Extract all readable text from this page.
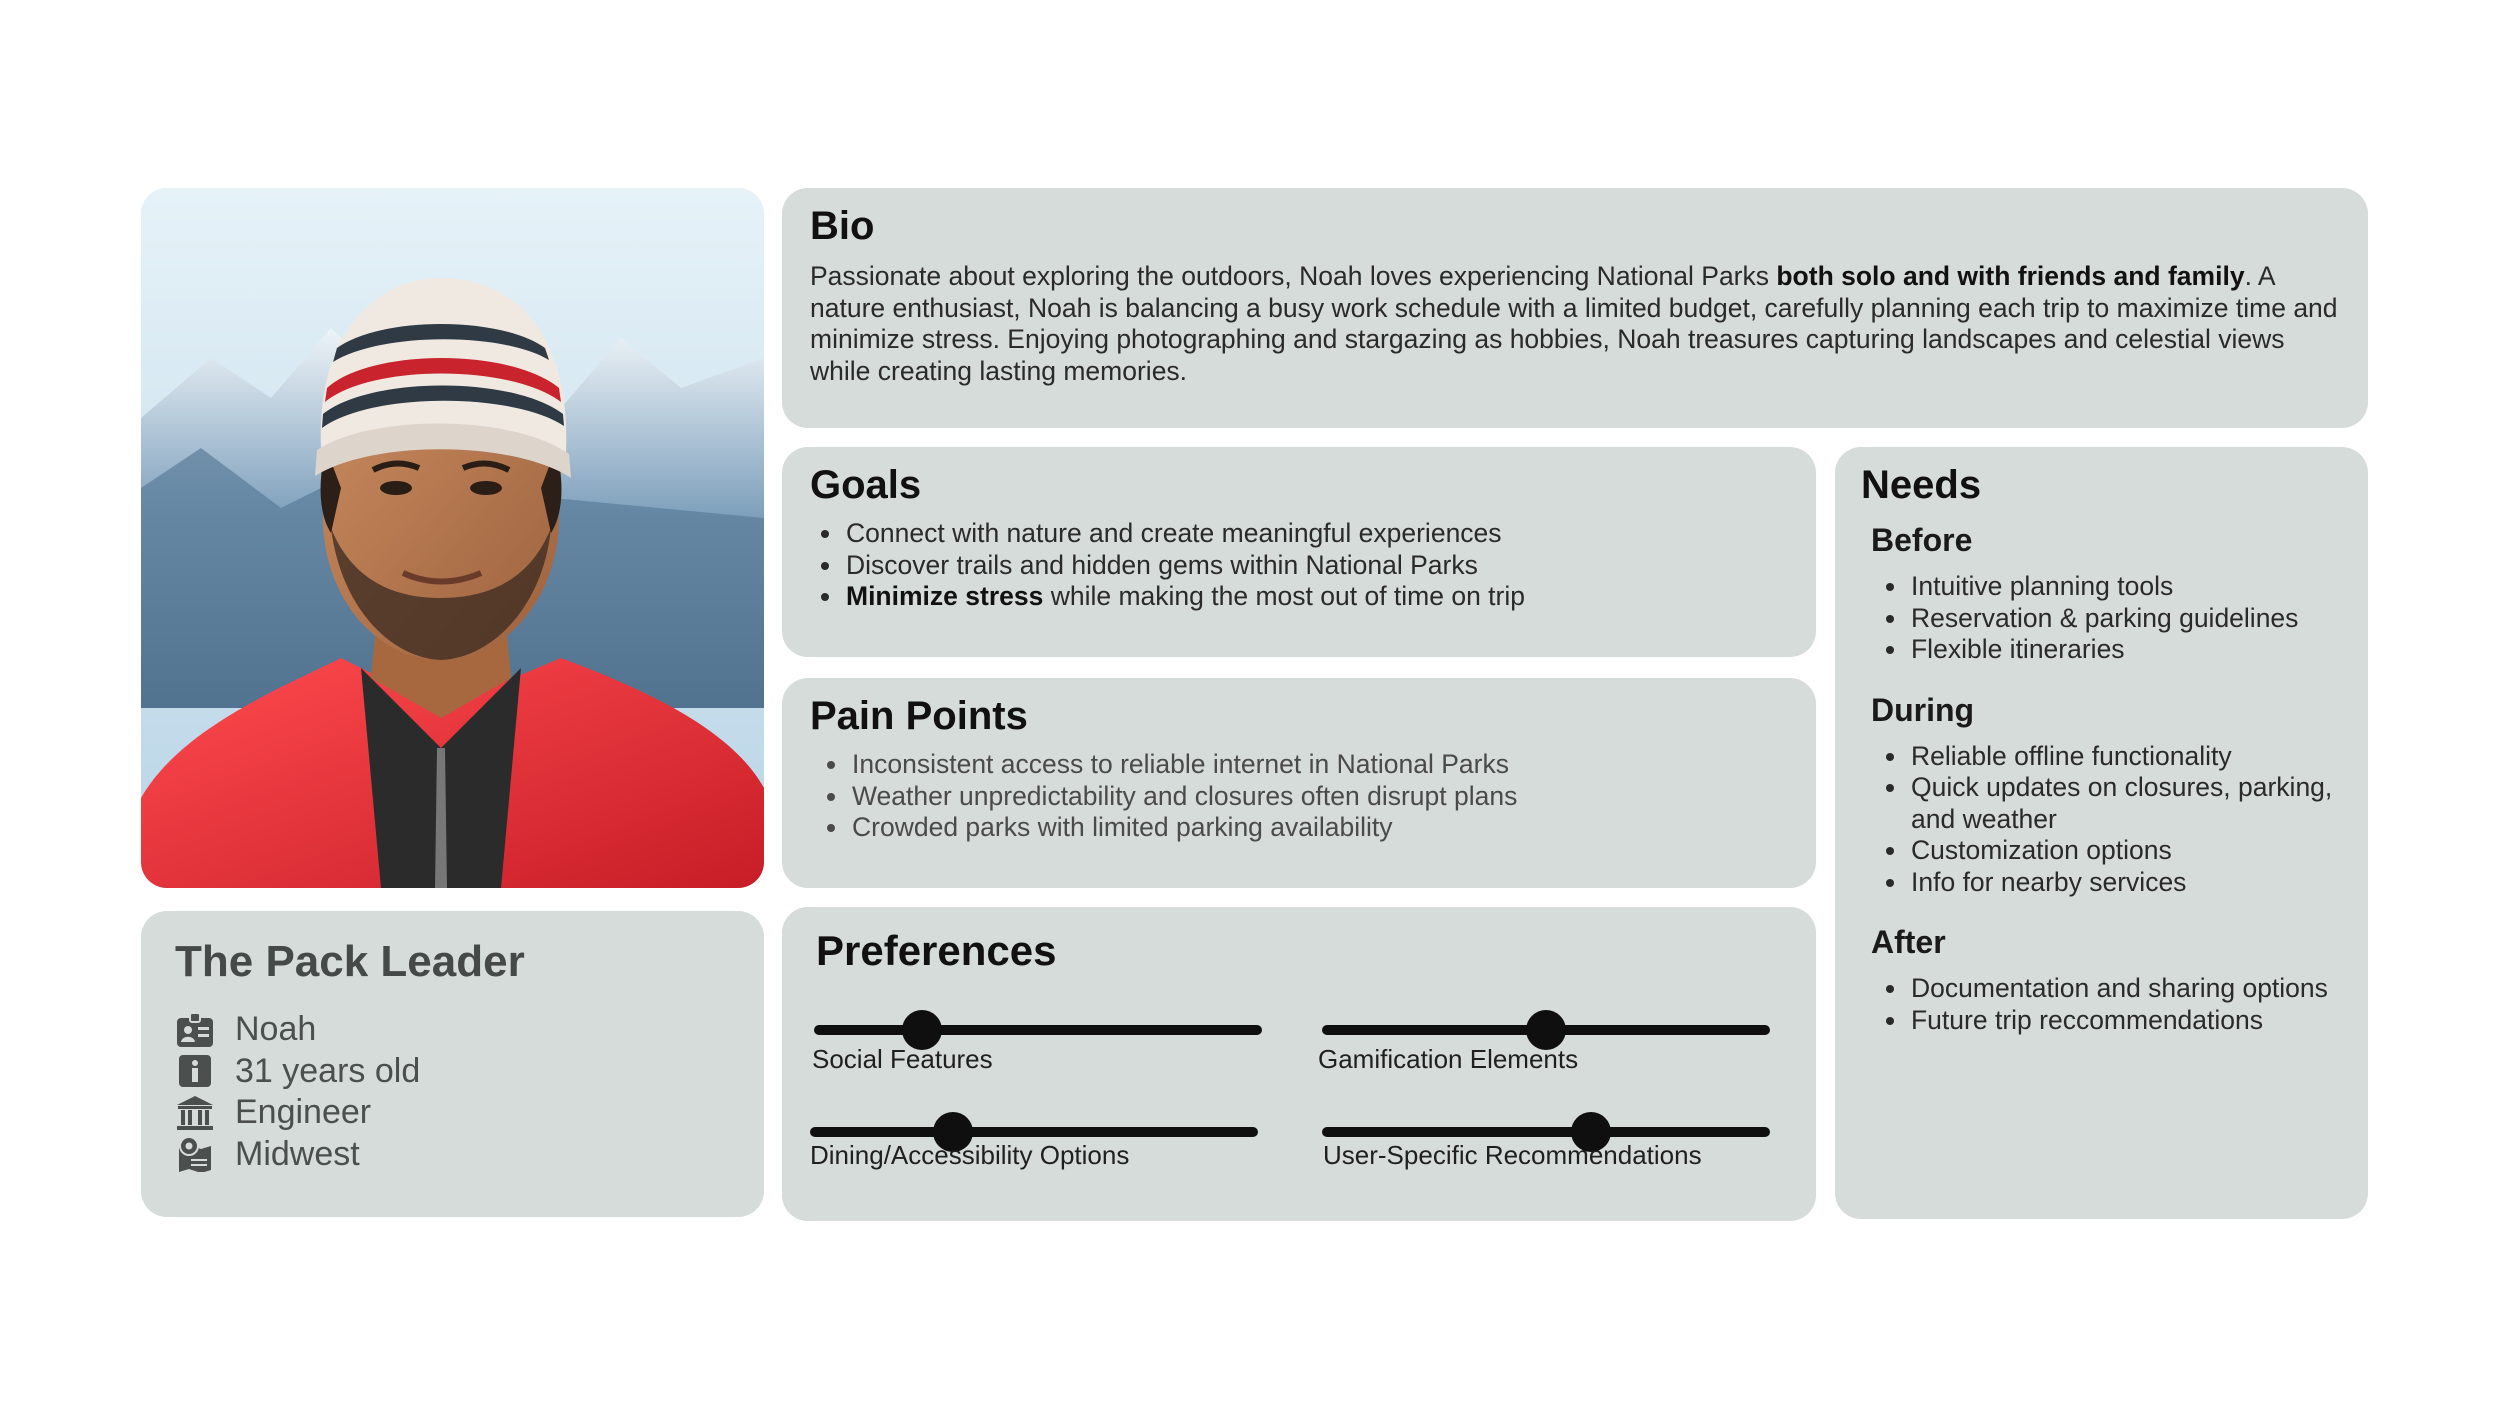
The Pack Leader
Noah
31 years old
Engineer
Midwest
Bio

Passionate about exploring the outdoors, Noah loves experiencing National Parks both solo and with friends and family. A nature enthusiast, Noah is balancing a busy work schedule with a limited budget, carefully planning each trip to maximize time and minimize stress. Enjoying photographing and stargazing as hobbies, Noah treasures capturing landscapes and celestial views while creating lasting memories.

Goals
• Connect with nature and create meaningful experiences
• Discover trails and hidden gems within National Parks
• Minimize stress while making the most out of time on trip
Pain Points
• Inconsistent access to reliable internet in National Parks
• Weather unpredictability and closures often disrupt plans
• Crowded parks with limited parking availability
Preferences
Social Features	Gamification Elements
Dining/Accessibility Options	User-Specific Recommendations
Needs
Before
• Intuitive planning tools
• Reservation & parking guidelines
• Flexible itineraries
During
• Reliable offline functionality
• Quick updates on closures, parking, and weather
• Customization options
• Info for nearby services
After
• Documentation and sharing options
• Future trip reccommendations
